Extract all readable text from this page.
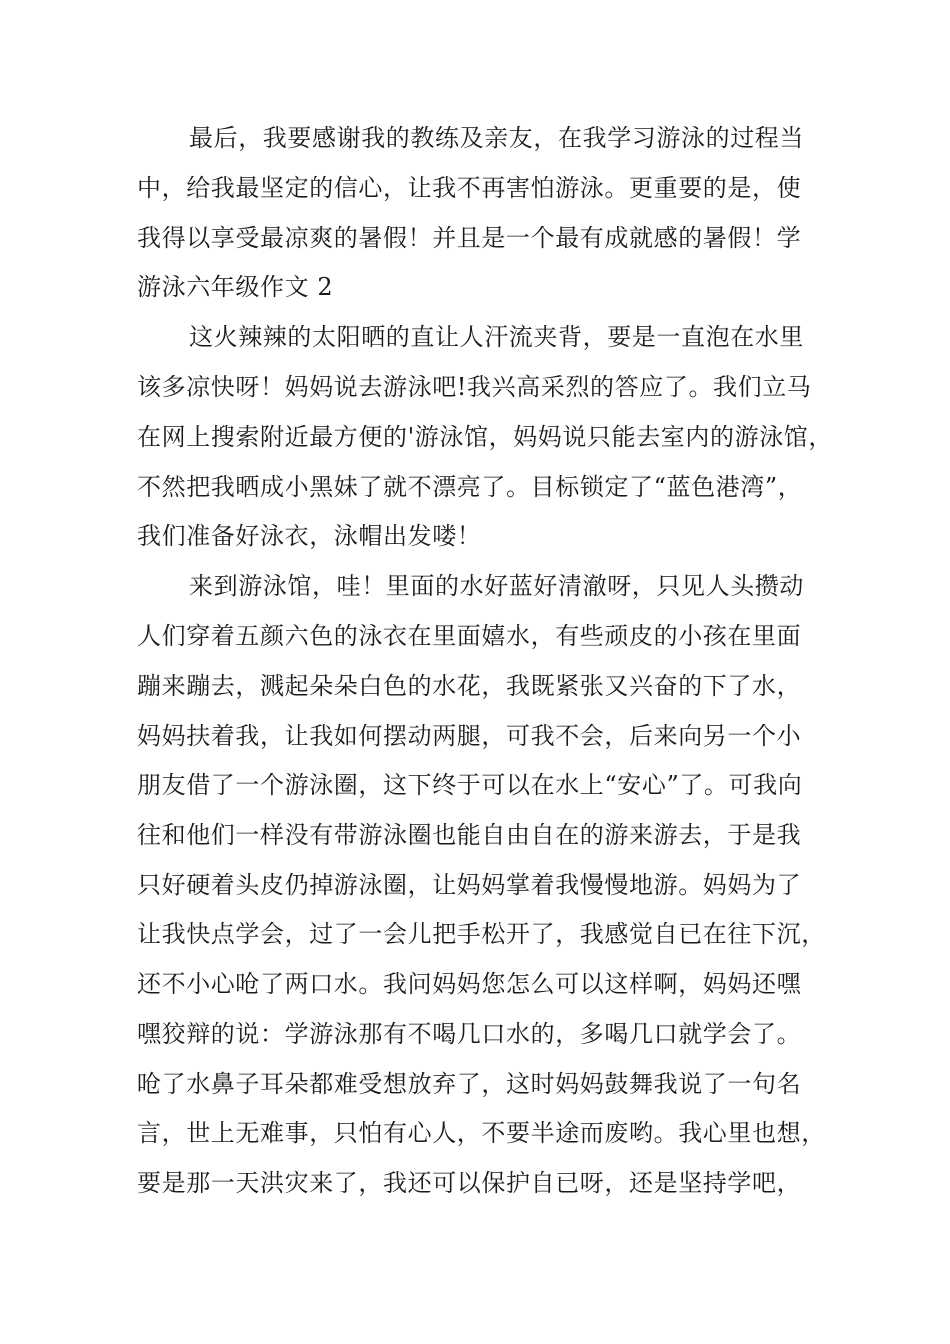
最后，我要感谢我的教练及亲友，在我学习游泳的过程当
中，给我最坚定的信心，让我不再害怕游泳。更重要的是，使
我得以享受最凉爽的暑假！并且是一个最有成就感的暑假！学
游泳六年级作文 2
这火辣辣的太阳晒的直让人汗流夹背，要是一直泡在水里
该多凉快呀！妈妈说去游泳吧!我兴高采烈的答应了。我们立马
在网上搜索附近最方便的'游泳馆，妈妈说只能去室内的游泳馆，
不然把我晒成小黑妹了就不漂亮了。目标锁定了“蓝色港湾”，
我们准备好泳衣，泳帽出发喽！
来到游泳馆，哇！里面的水好蓝好清澈呀，只见人头攒动
人们穿着五颜六色的泳衣在里面嬉水，有些顽皮的小孩在里面
蹦来蹦去，溅起朵朵白色的水花，我既紧张又兴奋的下了水，
妈妈扶着我，让我如何摆动两腿，可我不会，后来向另一个小
朋友借了一个游泳圈，这下终于可以在水上“安心”了。可我向
往和他们一样没有带游泳圈也能自由自在的游来游去，于是我
只好硬着头皮仍掉游泳圈，让妈妈掌着我慢慢地游。妈妈为了
让我快点学会，过了一会儿把手松开了，我感觉自已在往下沉，
还不小心呛了两口水。我问妈妈您怎么可以这样啊，妈妈还嘿
嘿狡辩的说：学游泳那有不喝几口水的，多喝几口就学会了。
呛了水鼻子耳朵都难受想放弃了，这时妈妈鼓舞我说了一句名
言，世上无难事，只怕有心人，不要半途而废哟。我心里也想，
要是那一天洪灾来了，我还可以保护自已呀，还是坚持学吧，
